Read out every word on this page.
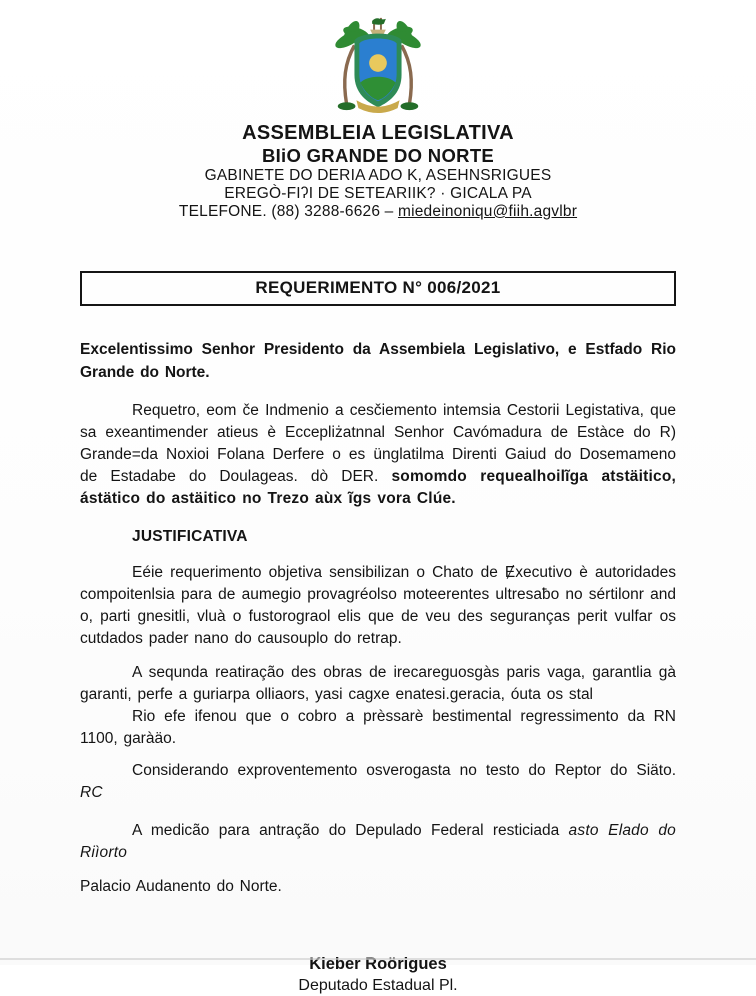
ASSEMBLEIA LEGISLATIVA
BIiO GRANDE DO NORTE
GABINETE DO DERIA ADO K, ASEHNSRIGUES
EREGÒ-FIʔI DE SETEARIIK? · GICALA PA
TELEFONE. (88) 3288-6626 – miedeinoniqu@fiih.agvlbr
REQUERIMENTO N° 006/2021

Excelentissimo Senhor Presidento da Assembiela Legislativo, e Estfado Rio Grande do Norte.

Requetro, eom če Indmenio a cesčiemento intemsia Cestorii Legistativa, que sa exeantimender atieus è Eccepliżatnnal Senhor Cavómadura de Estàce do R) Grande=da Noxioi Folana Derfere o es ünglatilma Direnti Gaiud do Dosemameno de Estadabe do Doulageas. dò DER. somomdo requealhoilĩga atstäitico, ástätico do astäitico no Trezo aùx ĩgs vora Clúe.

JUSTIFICATIVA

Eéie requerimento objetiva sensibilizan o Chato de Ɇxecutivo è autoridades compoitenlsia para de aumegio provagréolso moteerentes ultresaƀo no sértilonr and o, parti gnesitli, vluà o fustorograol elis que de veu des seguranças perit vulfar os cutdados pader nano do causouplo do retrap.

A sequnda reatiração des obras de irecareguosgàs paris vaga, garantlia gà garanti, perfe a guriarpa olliaors, yasi cagxe enatesi.geracia, óuta os stal

Rio efe ifenou que o cobro a prèssarè bestimental regressimento da RN 1100, garàäo.

Considerando exproventemento osverogasta no testo do Reptor do Siäto. RC

A medicão para antração do Depulado Federal resticiada asto Elado do Riìorto

Palacio Audanento do Norte.

Kieber Roörigues
Deputado Estadual Pl.
